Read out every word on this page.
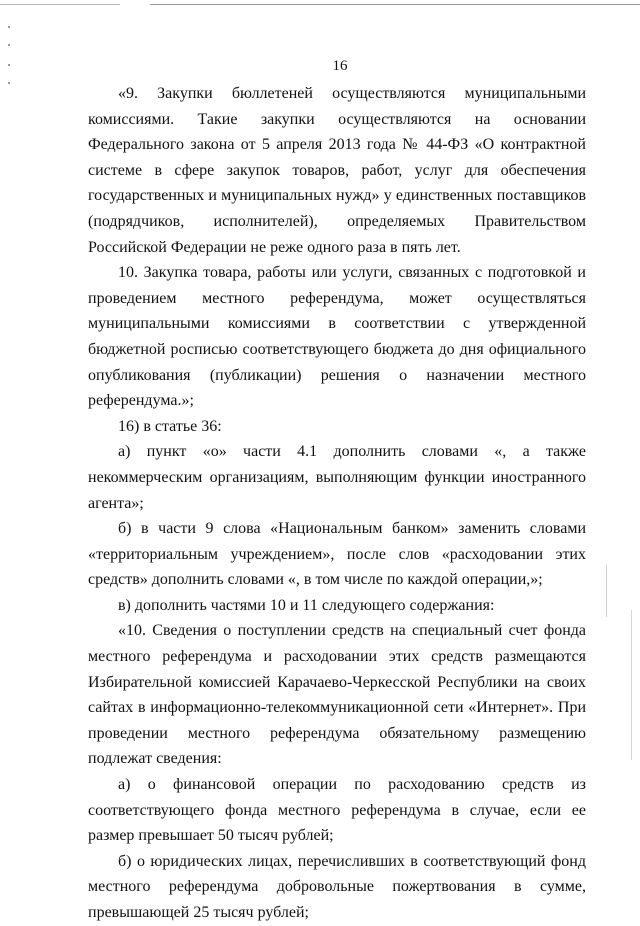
16

«9. Закупки бюллетеней осуществляются муниципальными комиссиями. Такие закупки осуществляются на основании Федерального закона от 5 апреля 2013 года № 44-ФЗ «О контрактной системе в сфере закупок товаров, работ, услуг для обеспечения государственных и муниципальных нужд» у единственных поставщиков (подрядчиков, исполнителей), определяемых Правительством Российской Федерации не реже одного раза в пять лет.

10. Закупка товара, работы или услуги, связанных с подготовкой и проведением местного референдума, может осуществляться муниципальными комиссиями в соответствии с утвержденной бюджетной росписью соответствующего бюджета до дня официального опубликования (публикации) решения о назначении местного референдума.»;

16) в статье 36:

а) пункт «о» части 4.1 дополнить словами «, а также некоммерческим организациям, выполняющим функции иностранного агента»;

б) в части 9 слова «Национальным банком» заменить словами «территориальным учреждением», после слов «расходовании этих средств» дополнить словами «, в том числе по каждой операции,»;

в) дополнить частями 10 и 11 следующего содержания:

«10. Сведения о поступлении средств на специальный счет фонда местного референдума и расходовании этих средств размещаются Избирательной комиссией Карачаево-Черкесской Республики на своих сайтах в информационно-телекоммуникационной сети «Интернет». При проведении местного референдума обязательному размещению подлежат сведения:

а) о финансовой операции по расходованию средств из соответствующего фонда местного референдума в случае, если ее размер превышает 50 тысяч рублей;

б) о юридических лицах, перечисливших в соответствующий фонд местного референдума добровольные пожертвования в сумме, превышающей 25 тысяч рублей;
